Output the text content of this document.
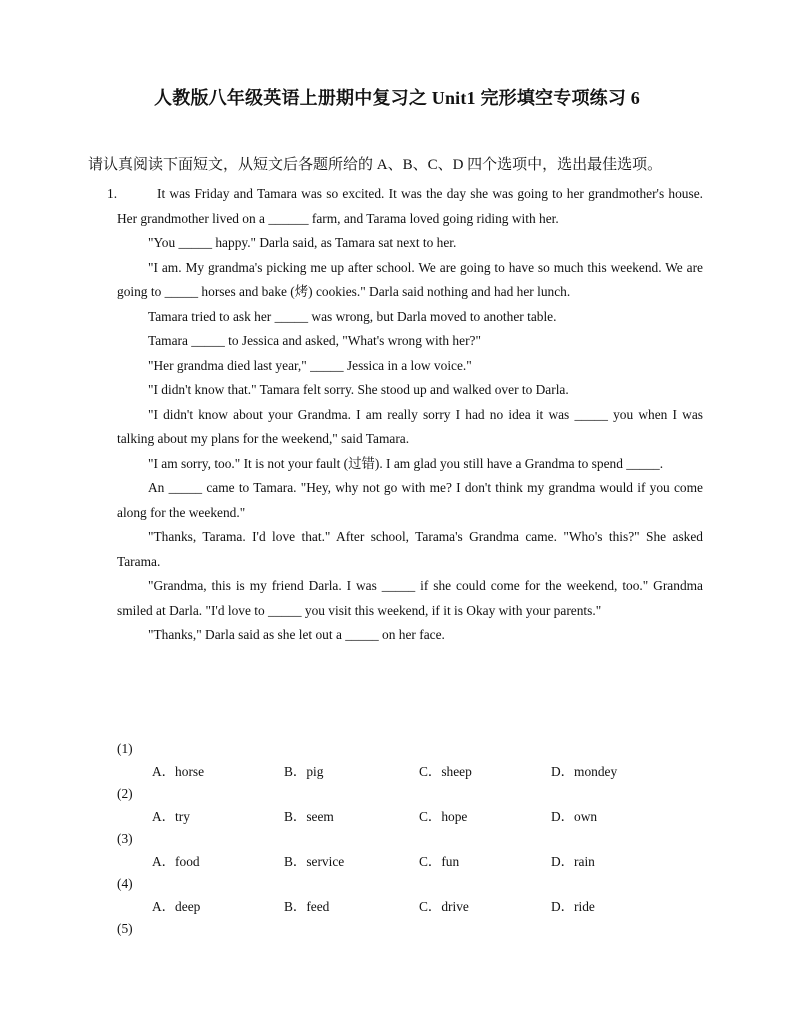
人教版八年级英语上册期中复习之 Unit1 完形填空专项练习 6
请认真阅读下面短文，从短文后各题所给的 A、B、C、D 四个选项中，选出最佳选项。
1.	It was Friday and Tamara was so excited. It was the day she was going to her grandmother's house. Her grandmother lived on a ______ farm, and Tarama loved going riding with her.

"You _____ happy." Darla said, as Tamara sat next to her.

"I am. My grandma's picking me up after school. We are going to have so much this weekend. We are going to _____ horses and bake (烤) cookies." Darla said nothing and had her lunch.

Tamara tried to ask her _____ was wrong, but Darla moved to another table.

Tamara _____ to Jessica and asked, "What's wrong with her?"

"Her grandma died last year," _____ Jessica in a low voice."

"I didn't know that." Tamara felt sorry. She stood up and walked over to Darla.

"I didn't know about your Grandma. I am really sorry I had no idea it was _____ you when I was talking about my plans for the weekend," said Tamara.

"I am sorry, too." It is not your fault (过错). I am glad you still have a Grandma to spend _____.

An _____ came to Tamara. "Hey, why not go with me? I don't think my grandma would if you come along for the weekend."

"Thanks, Tarama. I'd love that." After school, Tarama's Grandma came. "Who's this?" She asked Tarama.

"Grandma, this is my friend Darla. I was _____ if she could come for the weekend, too." Grandma smiled at Darla. "I'd love to _____ you visit this weekend, if it is Okay with your parents."

"Thanks," Darla said as she let out a _____ on her face.

(1)
A．horse	B．pig	C．sheep	D．mondey
(2)
A．try	B．seem	C．hope	D．own
(3)
A．food	B．service	C．fun	D．rain
(4)
A．deep	B．feed	C．drive	D．ride
(5)
